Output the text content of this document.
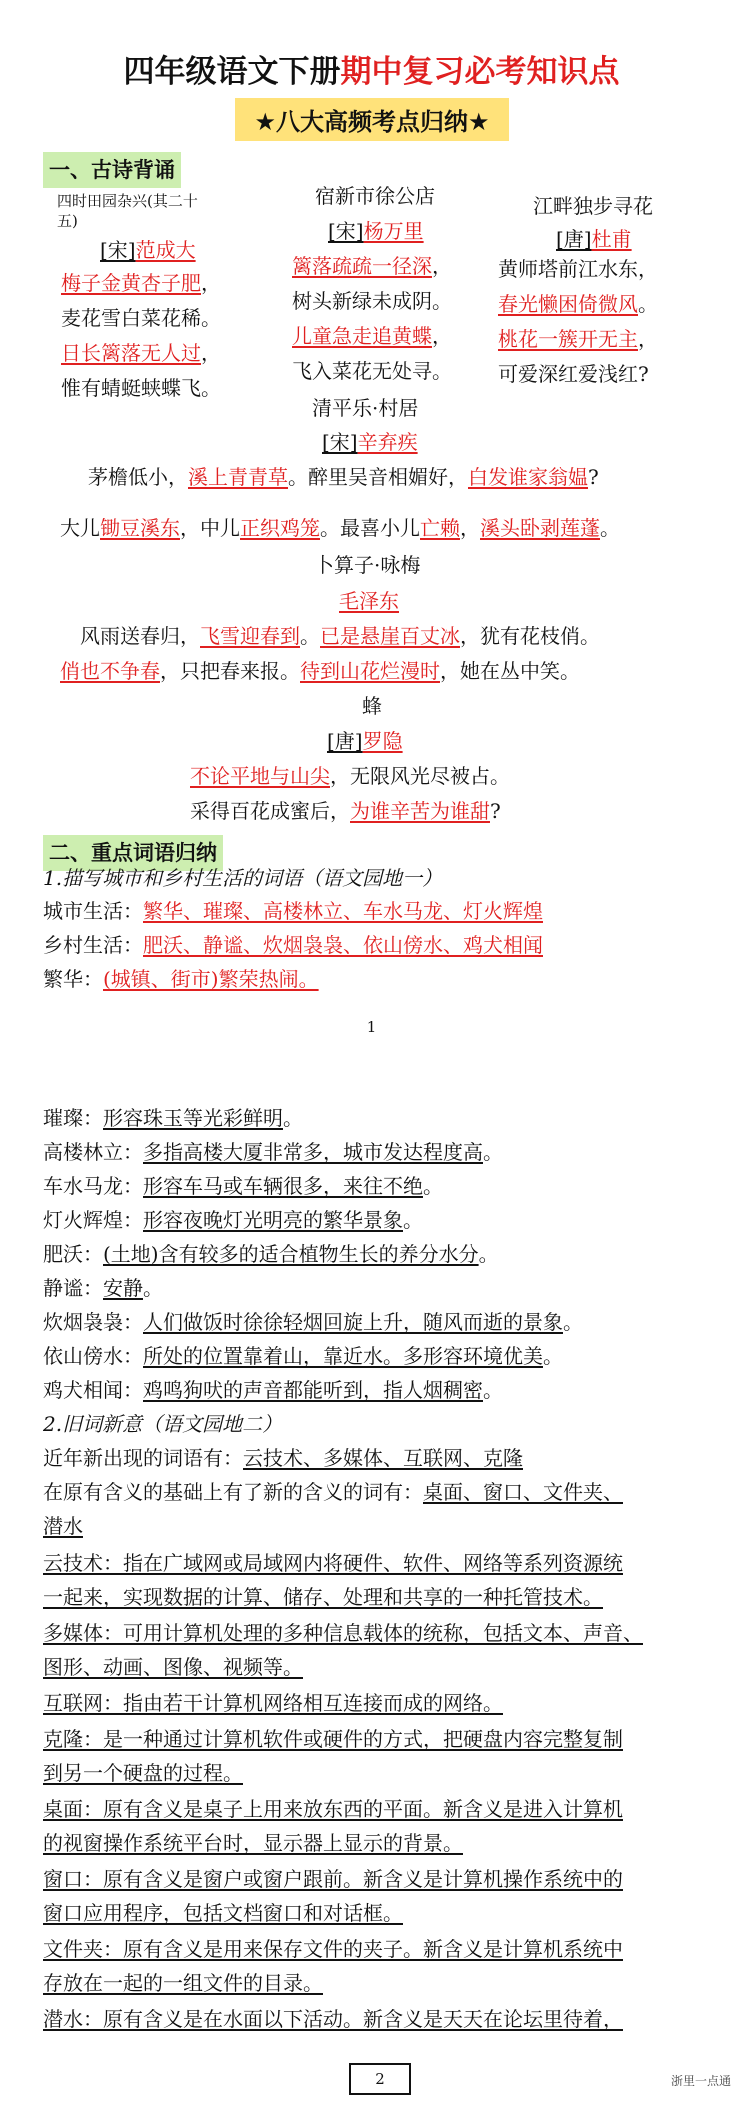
四年级语文下册期中复习必考知识点
★八大高频考点归纳★
一、古诗背诵
四时田园杂兴(其二十
五)
[宋]范成大
梅子金黄杏子肥，
麦花雪白菜花稀。
日长篱落无人过，
惟有蜻蜓蛱蝶飞。
宿新市徐公店
[宋]杨万里
篱落疏疏一径深，
树头新绿未成阴。
儿童急走追黄蝶，
飞入菜花无处寻。
江畔独步寻花
[唐]杜甫
黄师塔前江水东，
春光懒困倚微风。
桃花一簇开无主，
可爱深红爱浅红?
清平乐·村居
[宋]辛弃疾
茅檐低小，溪上青青草。醉里吴音相媚好，白发谁家翁媪?
大儿锄豆溪东，中儿正织鸡笼。最喜小儿亡赖，溪头卧剥莲蓬。
卜算子·咏梅
毛泽东
风雨送春归，飞雪迎春到。已是悬崖百丈冰，犹有花枝俏。
俏也不争春，只把春来报。待到山花烂漫时，她在丛中笑。
蜂
[唐]罗隐
不论平地与山尖，无限风光尽被占。
采得百花成蜜后，为谁辛苦为谁甜?
二、重点词语归纳
1.描写城市和乡村生活的词语（语文园地一）
城市生活：繁华、璀璨、高楼林立、车水马龙、灯火辉煌
乡村生活：肥沃、静谧、炊烟袅袅、依山傍水、鸡犬相闻
繁华：(城镇、街市)繁荣热闹。
1
璀璨：形容珠玉等光彩鲜明。
高楼林立：多指高楼大厦非常多，城市发达程度高。
车水马龙：形容车马或车辆很多，来往不绝。
灯火辉煌：形容夜晚灯光明亮的繁华景象。
肥沃：(土地)含有较多的适合植物生长的养分水分。
静谧：安静。
炊烟袅袅：人们做饭时徐徐轻烟回旋上升，随风而逝的景象。
依山傍水：所处的位置靠着山，靠近水。多形容环境优美。
鸡犬相闻：鸡鸣狗吠的声音都能听到，指人烟稠密。
2.旧词新意（语文园地二）
近年新出现的词语有：云技术、多媒体、互联网、克隆
在原有含义的基础上有了新的含义的词有：桌面、窗口、文件夹、
潜水
云技术：指在广域网或局域网内将硬件、软件、网络等系列资源统
一起来，实现数据的计算、储存、处理和共享的一种托管技术。
多媒体：可用计算机处理的多种信息载体的统称，包括文本、声音、
图形、动画、图像、视频等。
互联网：指由若干计算机网络相互连接而成的网络。
克隆：是一种通过计算机软件或硬件的方式，把硬盘内容完整复制
到另一个硬盘的过程。
桌面：原有含义是桌子上用来放东西的平面。新含义是进入计算机
的视窗操作系统平台时，显示器上显示的背景。
窗口：原有含义是窗户或窗户跟前。新含义是计算机操作系统中的
窗口应用程序，包括文档窗口和对话框。
文件夹：原有含义是用来保存文件的夹子。新含义是计算机系统中
存放在一起的一组文件的目录。
潜水：原有含义是在水面以下活动。新含义是天天在论坛里待着，
2	浙里一点通
